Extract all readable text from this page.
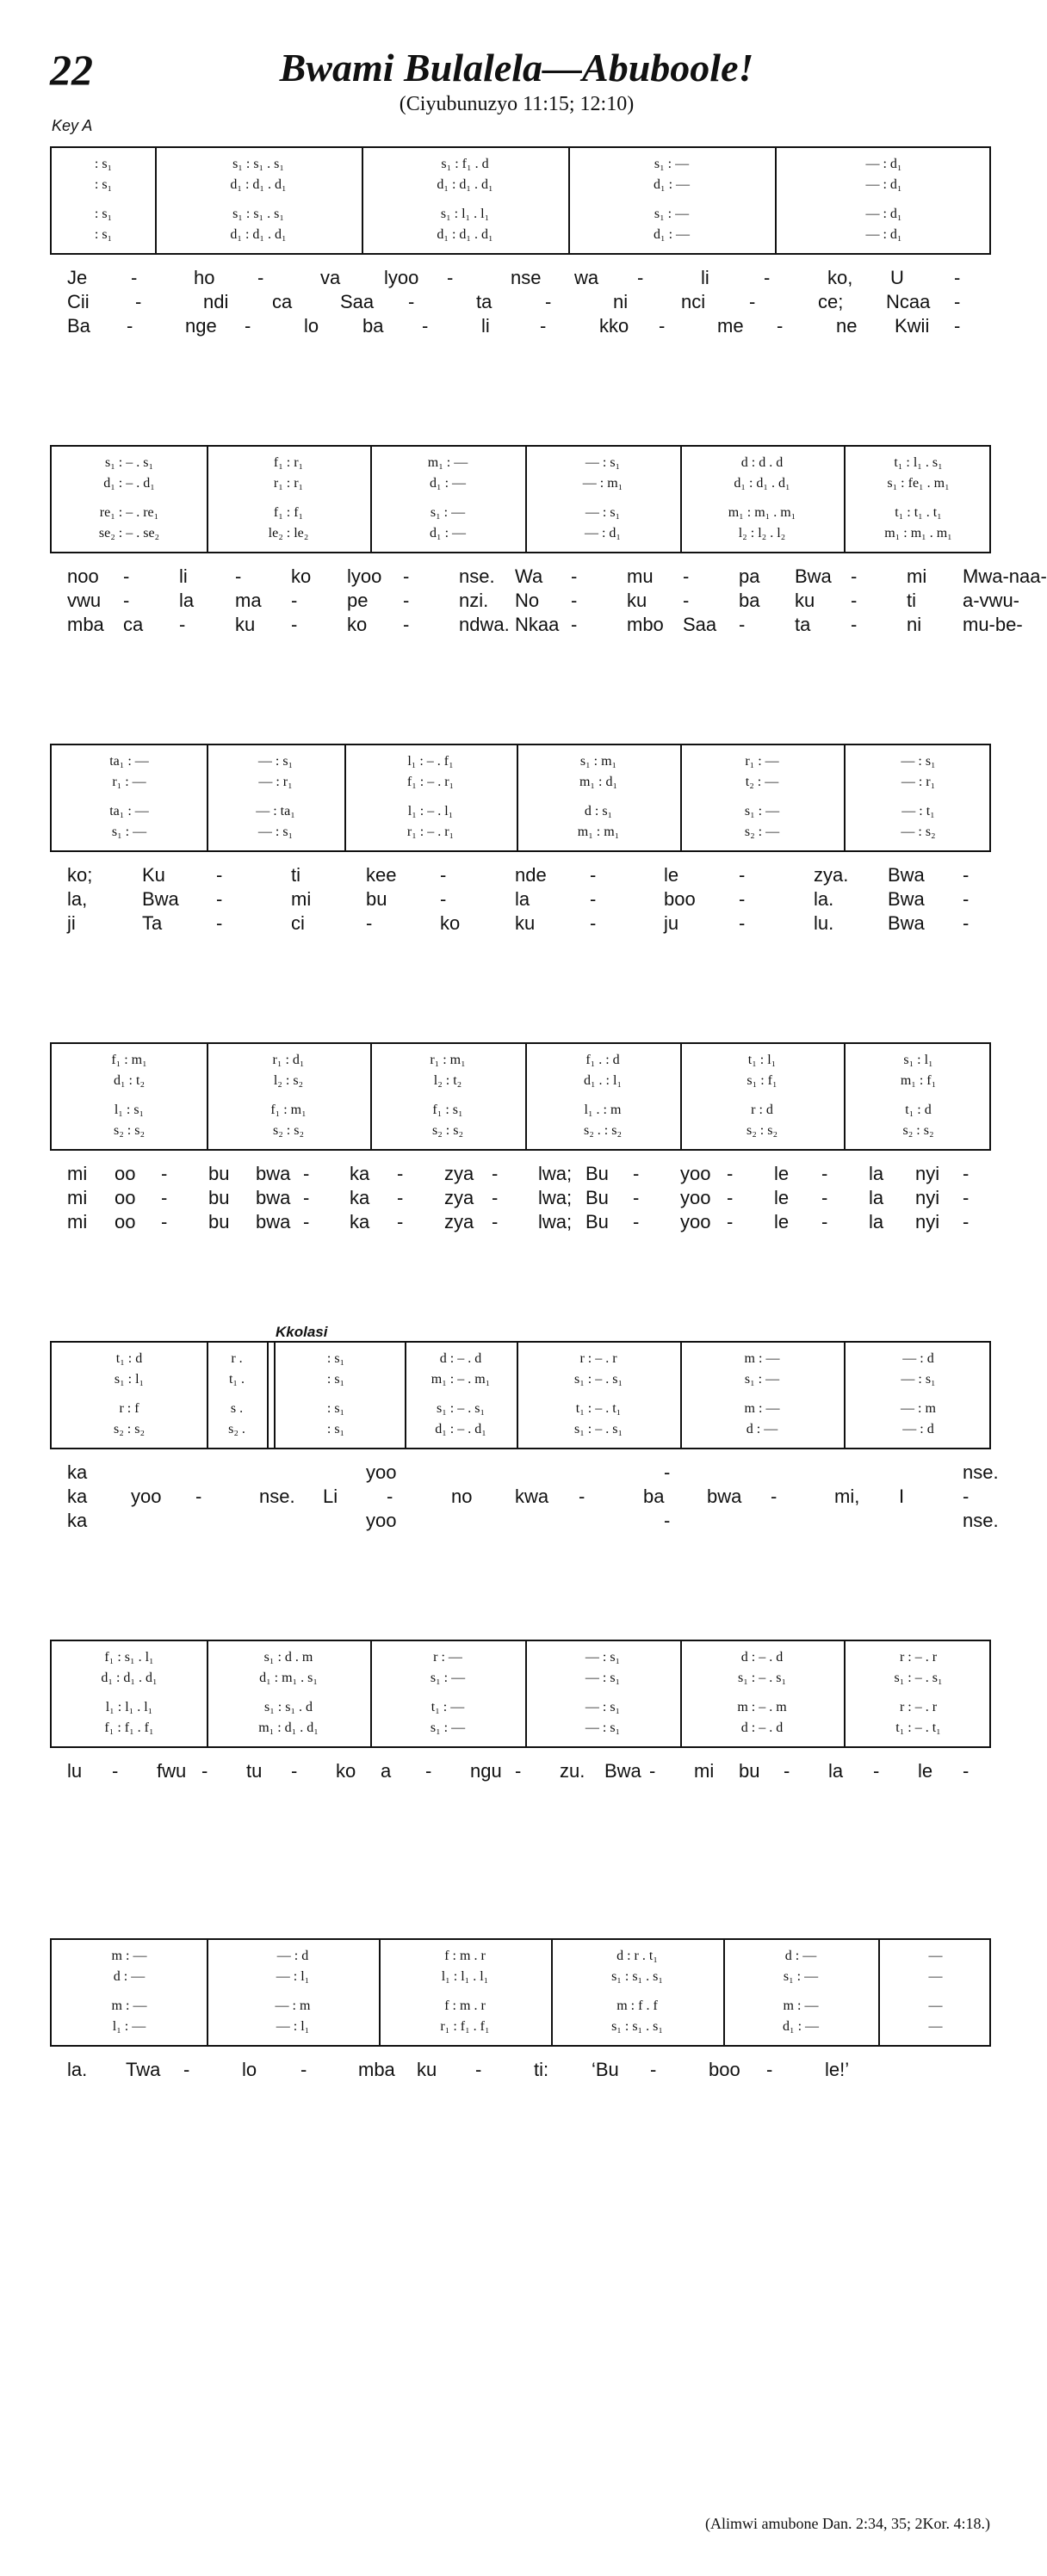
22	Bwami Bulalela—Abuboole!
(Ciyubunuzyo 11:15; 12:10)
Key A
Kkolasi
: s₁	s₁ : s₁ . s₁	s₁ : f₁ . d	s₁ : —	— : d₁
: s₁	d₁ : d₁ . d₁	d₁ : d₁ . d₁	d₁ : —	— : d₁
: s₁	s₁ : s₁ . s₁	s₁ : l₁ . l₁	s₁ : —	— : d₁
: s₁	d₁ : d₁ . d₁	d₁ : d₁ . d₁	d₁ : —	— : d₁
Je -	ho -	va lyoo -	nse wa -	li	-	ko, U	-
Cii -	ndi ca	Saa -	ta	-	ni	nci -	ce; Ncaa -
Ba -	nge -	lo ba -	li	-	kko -	me -	ne Kwii -
s₁ : – . s₁	f₁ : r₁	m₁ : —	— : s₁	d : d . d	t₁ : l₁ . s₁
d₁ : – . d₁	r₁ : r₁	d₁ : —	— : m₁	d₁ : d₁ . d₁	s₁ : fe₁ . m₁
re₁ : – . re₁	f₁ : f₁	s₁ : —	— : s₁	m₁ : m₁ . m₁	t₁ : t₁ . t₁
se₂ : – . se₂	le₂ : le₂	d₁ : —	— : d₁	l₂ : l₂ . l₂	m₁ : m₁ . m₁
noo -	li	-	ko lyoo -	nse. Wa -	mu -	pa Bwa -	mi Mwa-naa-
vwu -	la ma -	pe -	nzi. No -	ku -	ba ku -	ti a-vwu-
mba ca -	ku -	ko -	ndwa. Nkaa -	mbo Saa -	ta -	ni mu-be-
ta₁ : —	— : s₁	l₁ : – . f₁	s₁ : m₁	r₁ : —	— : s₁
r₁ : —	— : r₁	f₁ : – . r₁	m₁ : d₁	t₂ : —	— : r₁
ta₁ : —	— : ta₁	l₁ : – . l₁	d : s₁	s₁ : —	— : t₁
s₁ : —	— : s₁	r₁ : – . r₁	m₁ : m₁	s₂ : —	— : s₂
ko;	Ku	-	ti	kee -	nde -	le	-	zya. Bwa -
la,	Bwa -	mi	bu	-	la	-	boo -	la.	Bwa -
ji	Ta	-	ci	-	ko	ku	-	ju	-	lu.	Bwa -
f₁ : m₁	r₁ : d₁	r₁ : m₁	f₁ . : d	t₁ : l₁	s₁ : l₁
d₁ : t₂	l₂ : s₂	l₂ : t₂	d₁ . : l₁	s₁ : f₁	m₁ : f₁
l₁ : s₁	f₁ : m₁	f₁ : s₁	l₁ . : m	r : d	t₁ : d
s₂ : s₂	s₂ : s₂	s₂ : s₂	s₂ . : s₂	s₂ : s₂	s₂ : s₂
mi oo - bu bwa - ka - zya - lwa; Bu - yoo - le - la nyi -
mi oo - bu bwa - ka - zya - lwa; Bu - yoo - le - la nyi -
mi oo - bu bwa - ka - zya - lwa; Bu - yoo - le - la nyi -
t₁ : d	r .	: s₁	d : – . d	r : – . r	m : —	— : d
s₁ : l₁	t₁ .	: s₁	m₁ : – . m₁	s₁ : – . s₁	s₁ : —	— : s₁
r : f	s .	: s₁	s₁ : – . s₁	t₁ : – . t₁	m : —	— : m
s₂ : s₂	s₂ .	: s₁	d₁ : – . d₁	s₁ : – . s₁	d : —	— : d
ka	yoo	-	nse.
ka yoo -	nse. Li	-	no kwa -	ba bwa -	mi, I	-
ka	yoo	-	nse.
f₁ : s₁ . l₁	s₁ : d . m	r : —	— : s₁	d : – . d	r : – . r
d₁ : d₁ . d₁	d₁ : m₁ . s₁	s₁ : —	— : s₁	s₁ : – . s₁	s₁ : – . s₁
l₁ : l₁ . l₁	s₁ : s₁ . d	t₁ : —	— : s₁	m : – . m	r : – . r
f₁ : f₁ . f₁	m₁ : d₁ . d₁	s₁ : —	— : s₁	d : – . d	t₁ : – . t₁
lu - fwu - tu - ko a - ngu - zu. Bwa - mi bu - la - le -
m : —	— : d	f : m . r	d : r . t₁	d : —	—
d : —	— : l₁	l₁ : l₁ . l₁	s₁ : s₁ . s₁	s₁ : —	—
m : —	— : m	f : m . r	m : f . f	m : —	—
l₁ : —	— : l₁	r₁ : f₁ . f₁	s₁ : s₁ . s₁	d₁ : —	—
la. Twa -	lo -	mba ku -	ti: ‘Bu -	boo -	le!’
(Alimwi amubone Dan. 2:34, 35; 2Kor. 4:18.)
